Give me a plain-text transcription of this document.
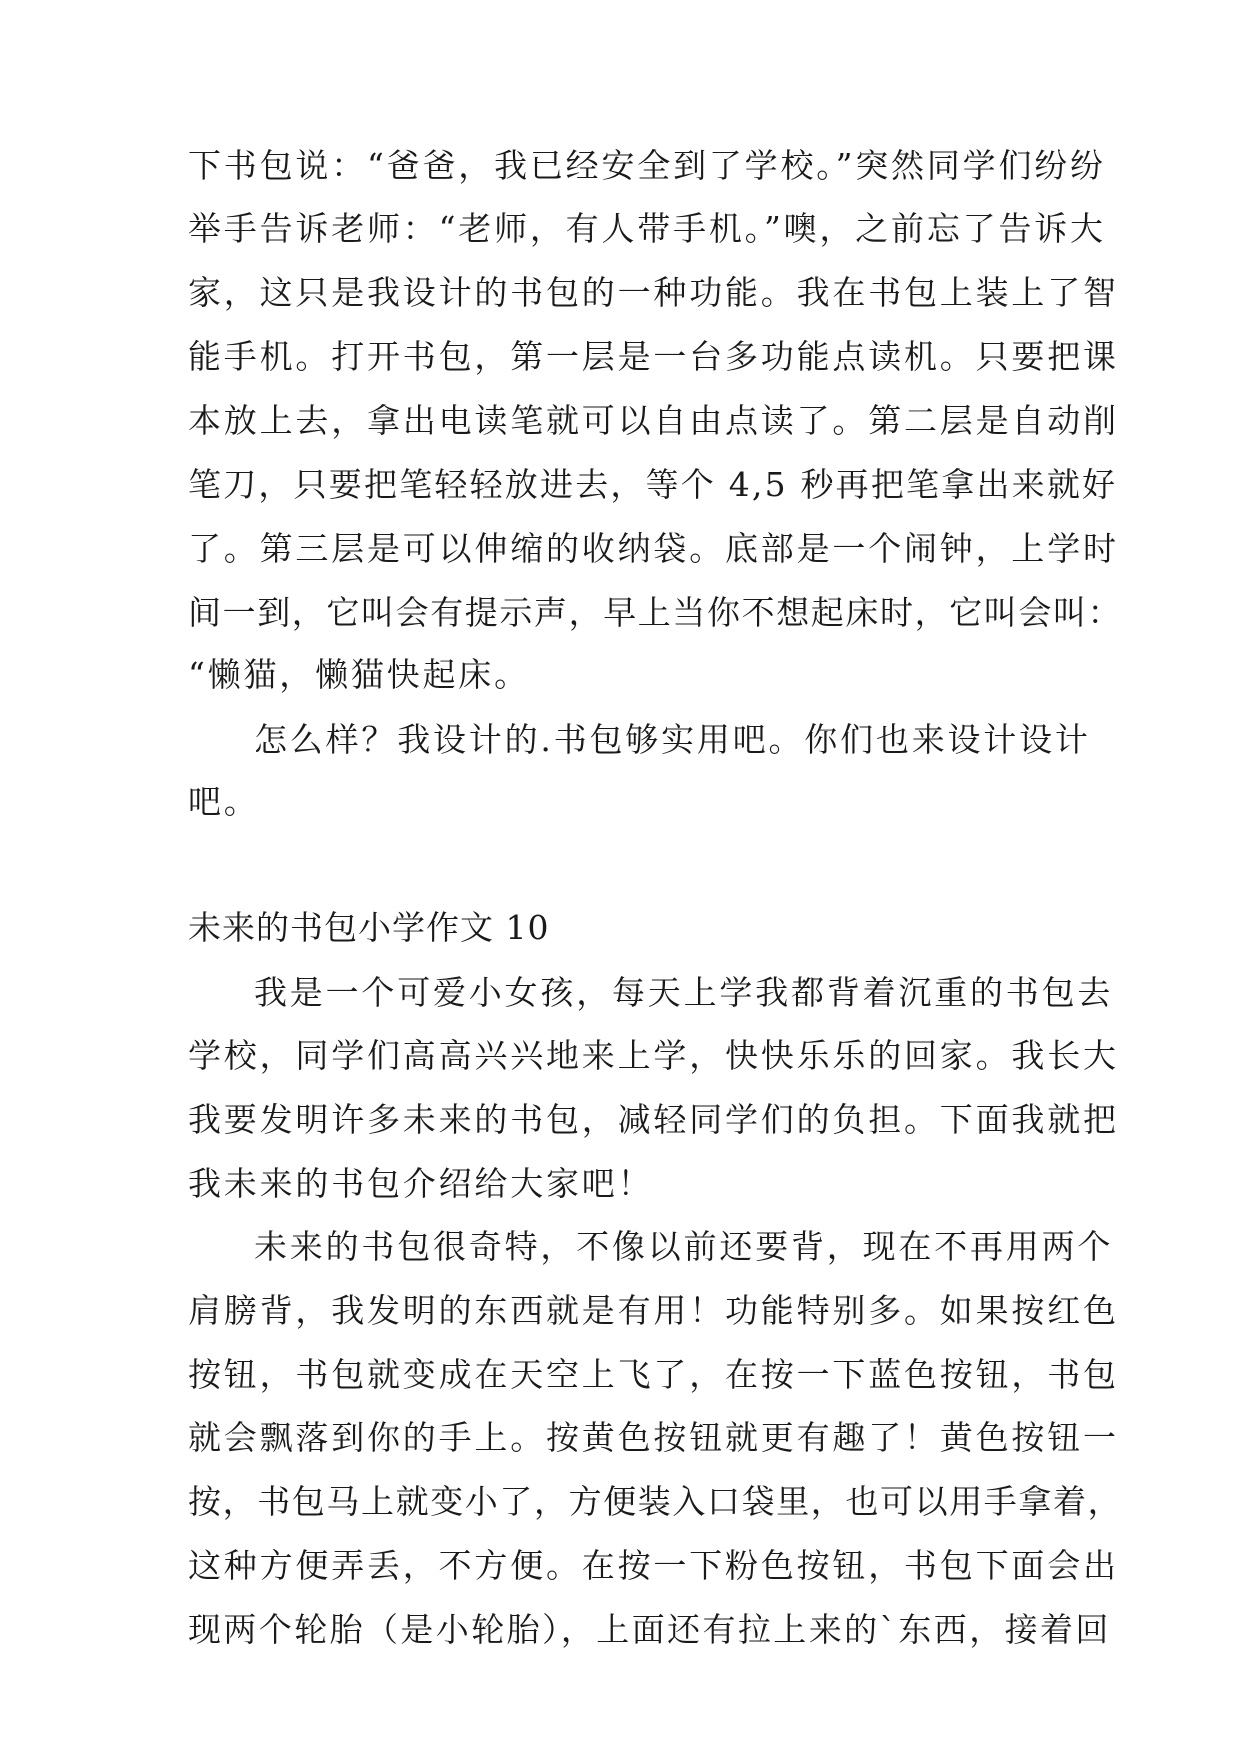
下书包说：“爸爸，我已经安全到了学校。”突然同学们纷纷
举手告诉老师：“老师，有人带手机。”噢，之前忘了告诉大
家，这只是我设计的书包的一种功能。我在书包上装上了智
能手机。打开书包，第一层是一台多功能点读机。只要把课
本放上去，拿出电读笔就可以自由点读了。第二层是自动削
笔刀，只要把笔轻轻放进去，等个 4,5 秒再把笔拿出来就好
了。第三层是可以伸缩的收纳袋。底部是一个闹钟，上学时
间一到，它叫会有提示声，早上当你不想起床时，它叫会叫：
“懒猫，懒猫快起床。
怎么样？我设计的.书包够实用吧。你们也来设计设计
吧。
未来的书包小学作文 10
我是一个可爱小女孩，每天上学我都背着沉重的书包去
学校，同学们高高兴兴地来上学，快快乐乐的回家。我长大
我要发明许多未来的书包，减轻同学们的负担。下面我就把
我未来的书包介绍给大家吧！
未来的书包很奇特，不像以前还要背，现在不再用两个
肩膀背，我发明的东西就是有用！功能特别多。如果按红色
按钮，书包就变成在天空上飞了，在按一下蓝色按钮，书包
就会飘落到你的手上。按黄色按钮就更有趣了！黄色按钮一
按，书包马上就变小了，方便装入口袋里，也可以用手拿着，
这种方便弄丢，不方便。在按一下粉色按钮，书包下面会出
现两个轮胎（是小轮胎），上面还有拉上来的`东西，接着回
